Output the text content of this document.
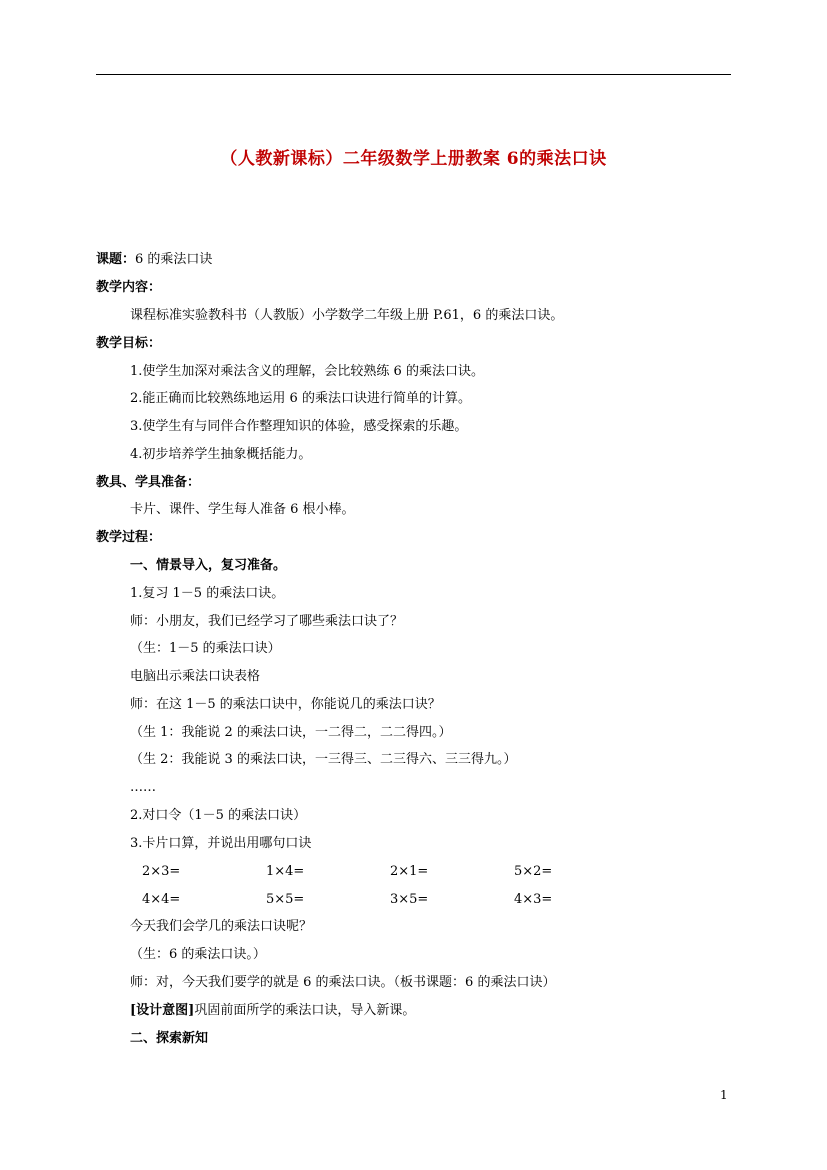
（人教新课标）二年级数学上册教案 6的乘法口诀
课题：6 的乘法口诀
教学内容：
课程标准实验教科书（人教版）小学数学二年级上册 P.61，6 的乘法口诀。
教学目标：
1.使学生加深对乘法含义的理解，会比较熟练 6 的乘法口诀。
2.能正确而比较熟练地运用 6 的乘法口诀进行简单的计算。
3.使学生有与同伴合作整理知识的体验，感受探索的乐趣。
4.初步培养学生抽象概括能力。
教具、学具准备：
卡片、课件、学生每人准备 6 根小棒。
教学过程：
一、情景导入，复习准备。
1.复习 1－5 的乘法口诀。
师：小朋友，我们已经学习了哪些乘法口诀了？
（生：1－5 的乘法口诀）
电脑出示乘法口诀表格
师：在这 1－5 的乘法口诀中，你能说几的乘法口诀？
（生 1：我能说 2 的乘法口诀，一二得二，二二得四。）
（生 2：我能说 3 的乘法口诀，一三得三、二三得六、三三得九。）
……
2.对口令（1－5 的乘法口诀）
3.卡片口算，并说出用哪句口诀
2×3=	1×4=	2×1=	5×2=
4×4=	5×5=	3×5=	4×3=
今天我们会学几的乘法口诀呢？
（生：6 的乘法口诀。）
师：对，今天我们要学的就是 6 的乘法口诀。（板书课题：6 的乘法口诀）
[设计意图]巩固前面所学的乘法口诀，导入新课。
二、探索新知
1
